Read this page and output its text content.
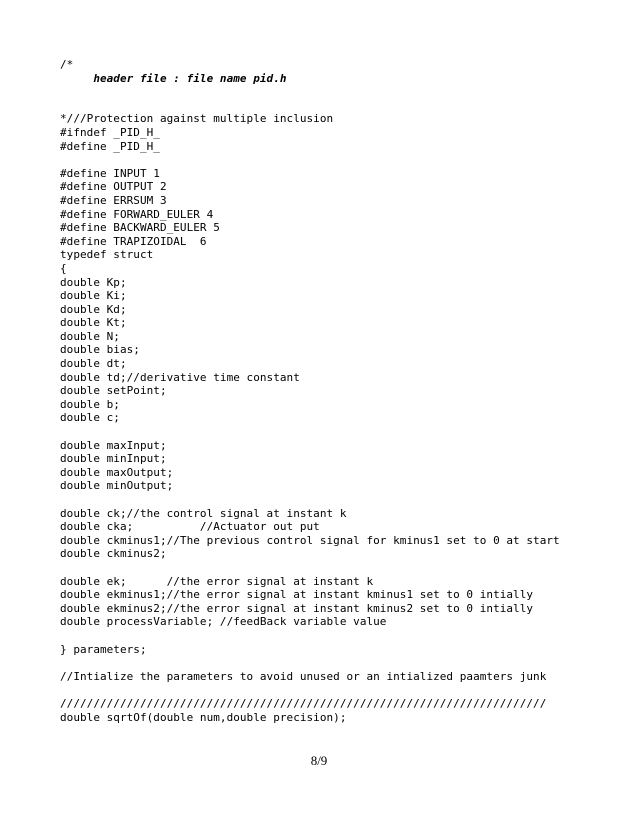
/*
header file : file name pid.h
*///Protection against multiple inclusion
#ifndef _PID_H_
#define _PID_H_
#define INPUT 1
#define OUTPUT 2
#define ERRSUM 3
#define FORWARD_EULER 4
#define BACKWARD_EULER 5
#define TRAPIZOIDAL  6
typedef struct
{
double Kp;
double Ki;
double Kd;
double Kt;
double N;
double bias;
double dt;
double td;//derivative time constant
double setPoint;
double b;
double c;
double maxInput;
double minInput;
double maxOutput;
double minOutput;
double ck;//the control signal at instant k
double cka;          //Actuator out put
double ckminus1;//The previous control signal for kminus1 set to 0 at start
double ckminus2;
double ek;      //the error signal at instant k
double ekminus1;//the error signal at instant kminus1 set to 0 intially
double ekminus2;//the error signal at instant kminus2 set to 0 intially
double processVariable; //feedBack variable value
} parameters;
//Intialize the parameters to avoid unused or an intialized paamters junk
/////////////////////////////////////////////////////////////////////////
double sqrtOf(double num,double precision);
8/9
